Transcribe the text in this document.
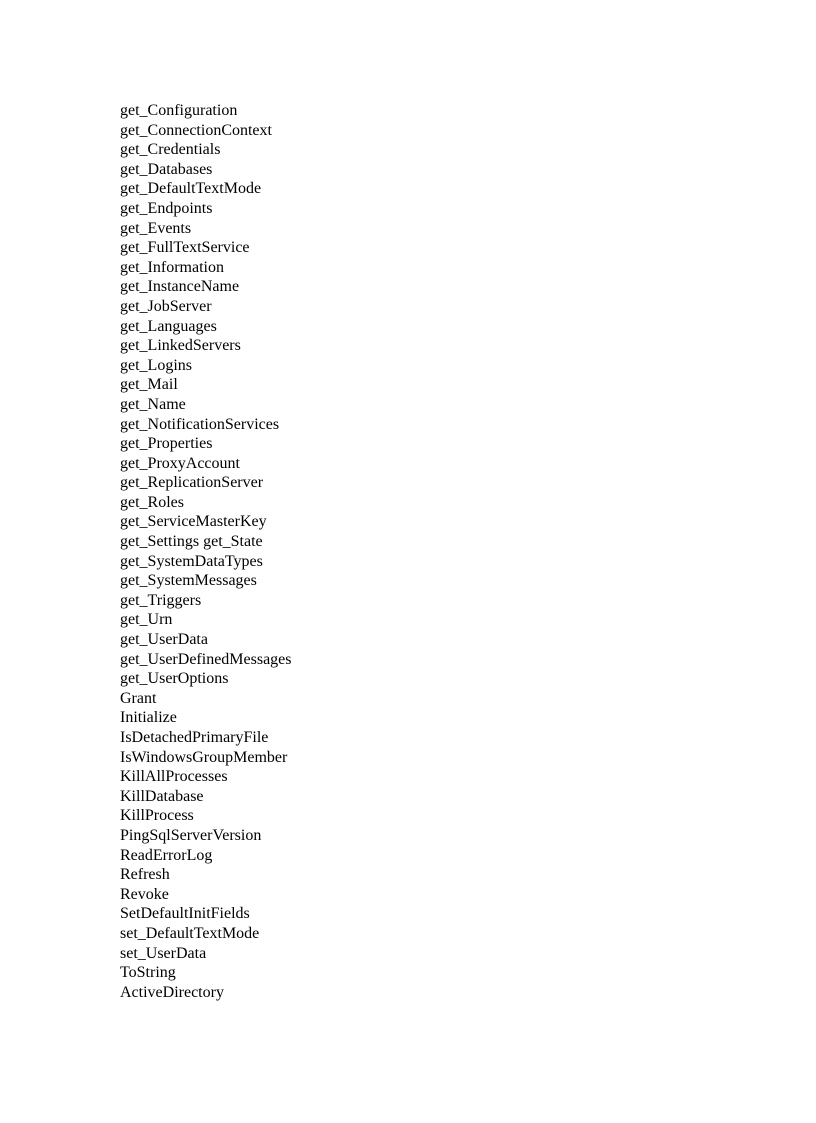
get_Configuration
get_ConnectionContext
get_Credentials
get_Databases
get_DefaultTextMode
get_Endpoints
get_Events
get_FullTextService
get_Information
get_InstanceName
get_JobServer
get_Languages
get_LinkedServers
get_Logins
get_Mail
get_Name
get_NotificationServices
get_Properties
get_ProxyAccount
get_ReplicationServer
get_Roles
get_ServiceMasterKey
get_Settings get_State
get_SystemDataTypes
get_SystemMessages
get_Triggers
get_Urn
get_UserData
get_UserDefinedMessages
get_UserOptions
Grant
Initialize
IsDetachedPrimaryFile
IsWindowsGroupMember
KillAllProcesses
KillDatabase
KillProcess
PingSqlServerVersion
ReadErrorLog
Refresh
Revoke
SetDefaultInitFields
set_DefaultTextMode
set_UserData
ToString
ActiveDirectory
